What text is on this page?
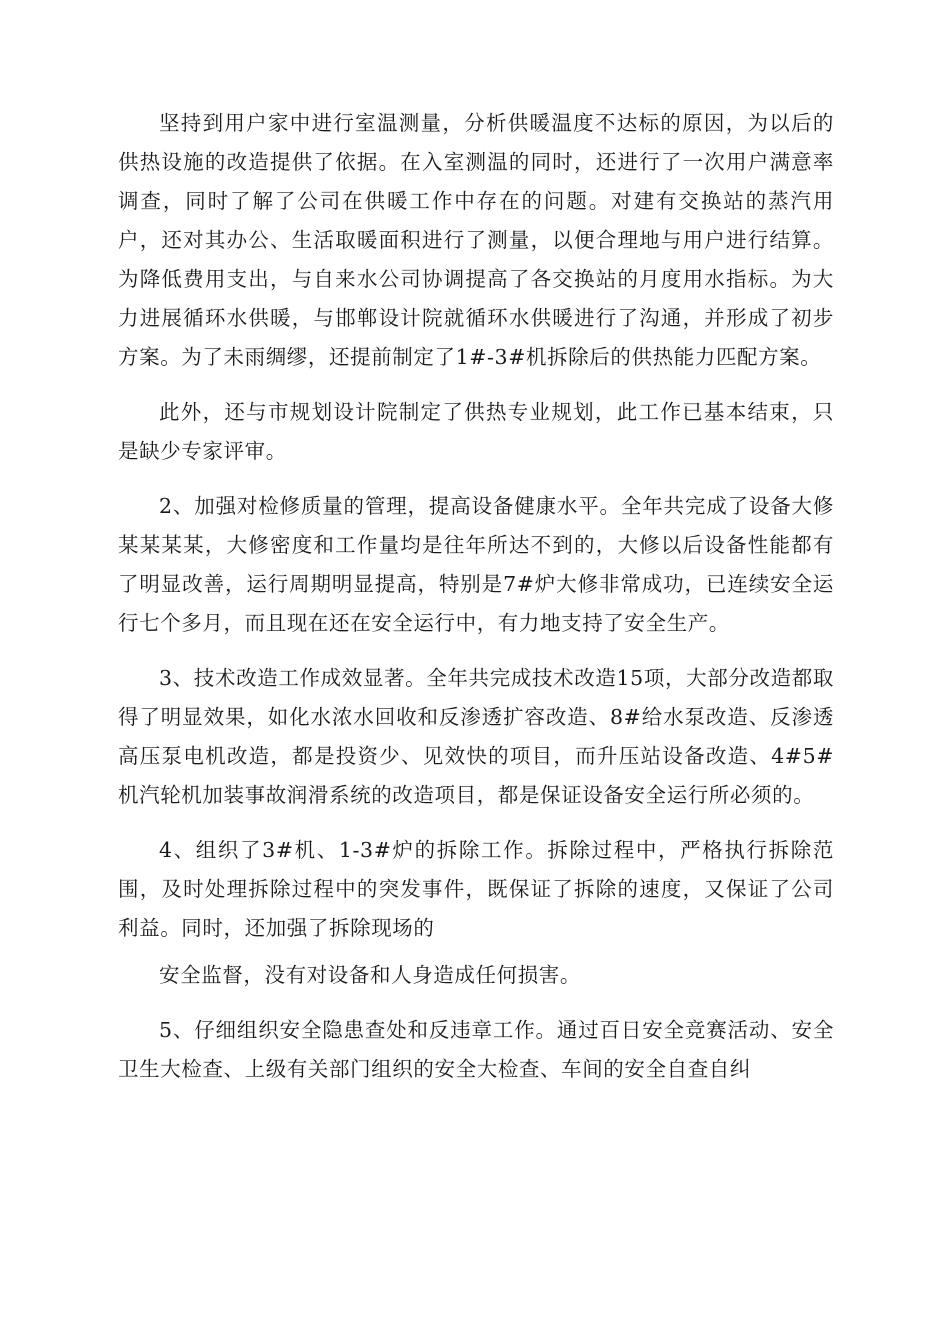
坚持到用户家中进行室温测量，分析供暖温度不达标的原因，为以后的供热设施的改造提供了依据。在入室测温的同时，还进行了一次用户满意率调查，同时了解了公司在供暖工作中存在的问题。对建有交换站的蒸汽用户，还对其办公、生活取暖面积进行了测量，以便合理地与用户进行结算。为降低费用支出，与自来水公司协调提高了各交换站的月度用水指标。为大力进展循环水供暖，与邯郸设计院就循环水供暖进行了沟通，并形成了初步方案。为了未雨绸缪，还提前制定了1#-3#机拆除后的供热能力匹配方案。

此外，还与市规划设计院制定了供热专业规划，此工作已基本结束，只是缺少专家评审。

2、加强对检修质量的管理，提高设备健康水平。全年共完成了设备大修某某某某，大修密度和工作量均是往年所达不到的，大修以后设备性能都有了明显改善，运行周期明显提高，特别是7#炉大修非常成功，已连续安全运行七个多月，而且现在还在安全运行中，有力地支持了安全生产。

3、技术改造工作成效显著。全年共完成技术改造15项，大部分改造都取得了明显效果，如化水浓水回收和反渗透扩容改造、8#给水泵改造、反渗透高压泵电机改造，都是投资少、见效快的项目，而升压站设备改造、4#5#机汽轮机加装事故润滑系统的改造项目，都是保证设备安全运行所必须的。

4、组织了3#机、1-3#炉的拆除工作。拆除过程中，严格执行拆除范围，及时处理拆除过程中的突发事件，既保证了拆除的速度，又保证了公司利益。同时，还加强了拆除现场的

安全监督，没有对设备和人身造成任何损害。

5、仔细组织安全隐患查处和反违章工作。通过百日安全竞赛活动、安全卫生大检查、上级有关部门组织的安全大检查、车间的安全自查自纠
